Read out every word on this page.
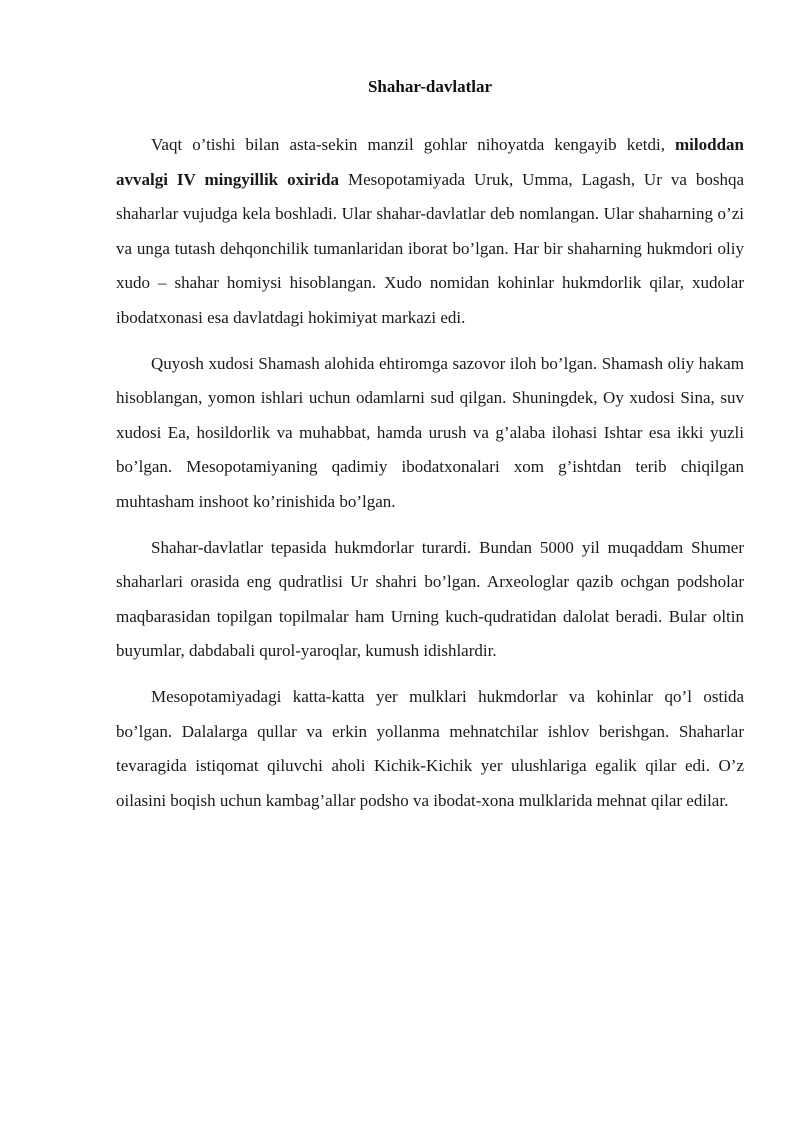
Shahar-davlatlar

Vaqt o’tishi bilan asta-sekin manzil gohlar nihoyatda kengayib ketdi, miloddan avvalgi IV mingyillik oxirida Mesopotamiyada Uruk, Umma, Lagash, Ur va boshqa shaharlar vujudga kela boshladi. Ular shahar-davlatlar deb nomlangan. Ular shaharning o’zi va unga tutash dehqonchilik tumanlaridan iborat bo’lgan. Har bir shaharning hukmdori oliy xudo – shahar homiysi hisoblangan. Xudo nomidan kohinlar hukmdorlik qilar, xudolar ibodatxonasi esa davlatdagi hokimiyat markazi edi.

Quyosh xudosi Shamash alohida ehtiromga sazovor iloh bo’lgan. Shamash oliy hakam hisoblangan, yomon ishlari uchun odamlarni sud qilgan. Shuningdek, Oy xudosi Sina, suv xudosi Ea, hosildorlik va muhabbat, hamda urush va g’alaba ilohasi Ishtar esa ikki yuzli bo’lgan. Mesopotamiyaning qadimiy ibodatxonalari xom g’ishtdan terib chiqilgan muhtasham inshoot ko’rinishida bo’lgan.

Shahar-davlatlar tepasida hukmdorlar turardi. Bundan 5000 yil muqaddam Shumer shaharlari orasida eng qudratlisi Ur shahri bo’lgan. Arxeologlar qazib ochgan podsholar maqbarasidan topilgan topilmalar ham Urning kuch-qudratidan dalolat beradi. Bular oltin buyumlar, dabdabali qurol-yaroqlar, kumush idishlardir.

Mesopotamiyadagi katta-katta yer mulklari hukmdorlar va kohinlar qo’l ostida bo’lgan. Dalalarga qullar va erkin yollanma mehnatchilar ishlov berishgan. Shaharlar tevaragida istiqomat qiluvchi aholi Kichik-Kichik yer ulushlariga egalik qilar edi. O’z oilasini boqish uchun kambag’allar podsho va ibodat-xona mulklarida mehnat qilar edilar.
